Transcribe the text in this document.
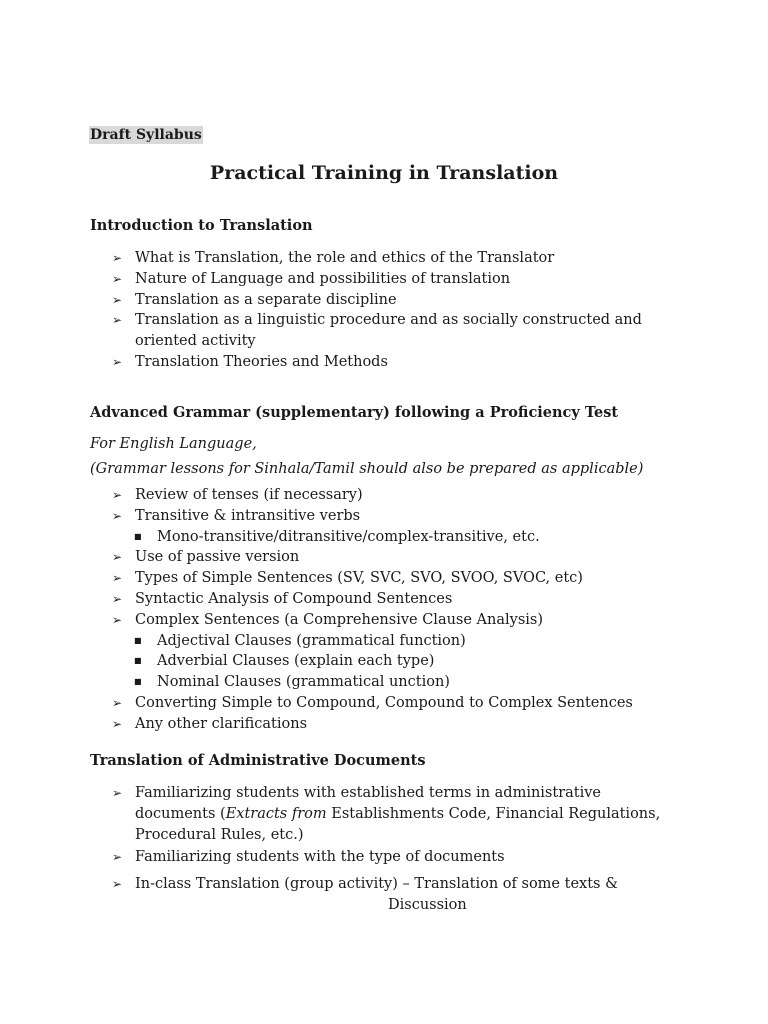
Draft Syllabus
Practical Training in Translation
Introduction to Translation
➢ What is Translation, the role and ethics of the Translator
➢ Nature of Language and possibilities of translation
➢ Translation as a separate discipline
➢ Translation as a linguistic procedure and as socially constructed and
oriented activity
➢ Translation Theories and Methods
Advanced Grammar (supplementary) following a Proficiency Test
For English Language,
(Grammar lessons for Sinhala/Tamil should also be prepared as applicable)
➢ Review of tenses (if necessary)
➢ Transitive & intransitive verbs
■ Mono-transitive/ditransitive/complex-transitive, etc.
➢ Use of passive version
➢ Types of Simple Sentences (SV, SVC, SVO, SVOO, SVOC, etc)
➢ Syntactic Analysis of Compound Sentences
➢ Complex Sentences (a Comprehensive Clause Analysis)
■ Adjectival Clauses (grammatical function)
■ Adverbial Clauses (explain each type)
■ Nominal Clauses (grammatical unction)
➢ Converting Simple to Compound, Compound to Complex Sentences
➢ Any other clarifications
Translation of Administrative Documents
➢ Familiarizing students with established terms in administrative
documents (Extracts from Establishments Code, Financial Regulations,
Procedural Rules, etc.)
➢ Familiarizing students with the type of documents
➢ In-class Translation (group activity) – Translation of some texts &
Discussion
